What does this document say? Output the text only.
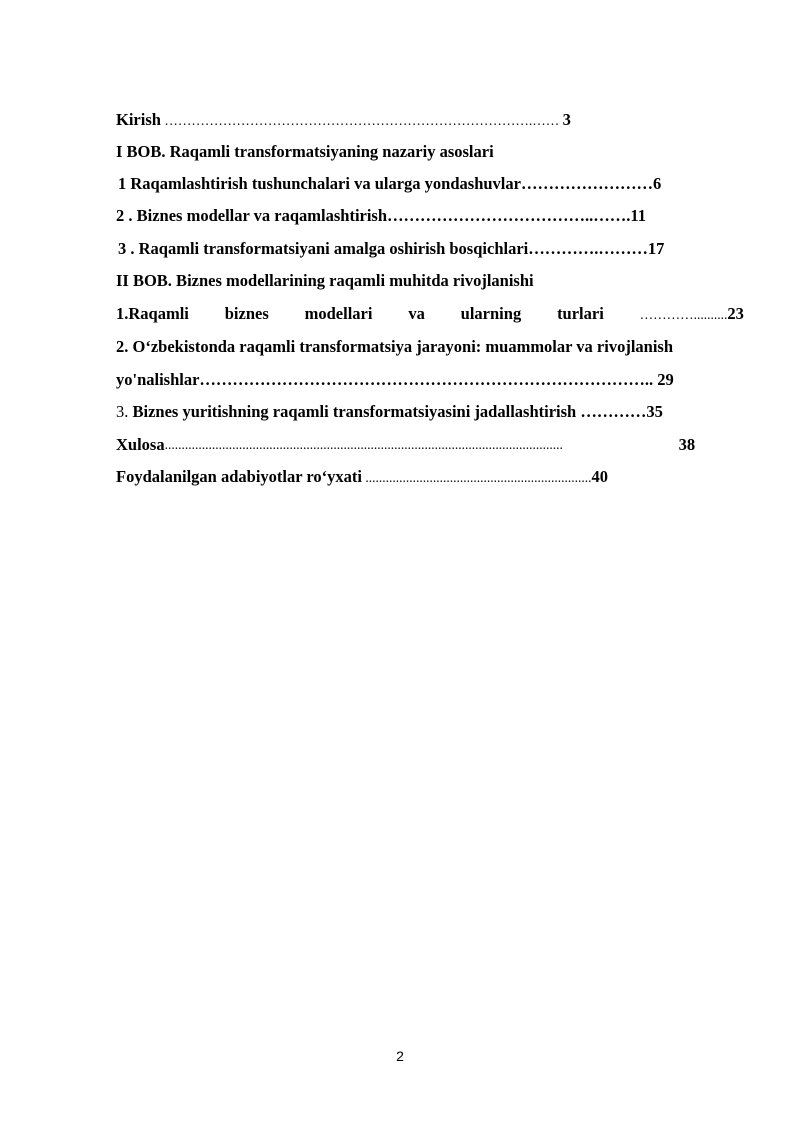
Kirish ……………………………………………………………………….…… 3
I BOB. Raqamli transformatsiyaning nazariy asoslari
1 Raqamlashtirish tushunchalari va ularga yondashuvlar……………………6
2 . Biznes modellar va raqamlashtirish………………………………..…….11
3 . Raqamli transformatsiyani amalga oshirish bosqichlari………….………17
II BOB. Biznes modellarining raqamli muhitda rivojlanishi
1.Raqamli biznes modellari va ularning turlari	…………..........23
2. O‘zbekistonda raqamli transformatsiya jarayoni: muammolar va rivojlanish
yo'nalishlar……………………………………………………………………….. 29
3. Biznes yuritishning raqamli transformatsiyasini jadallashtirish …………35
Xulosa......................................................................................................................	38
Foydalanilgan adabiyotlar ro‘yxati ...................................................................40
2
